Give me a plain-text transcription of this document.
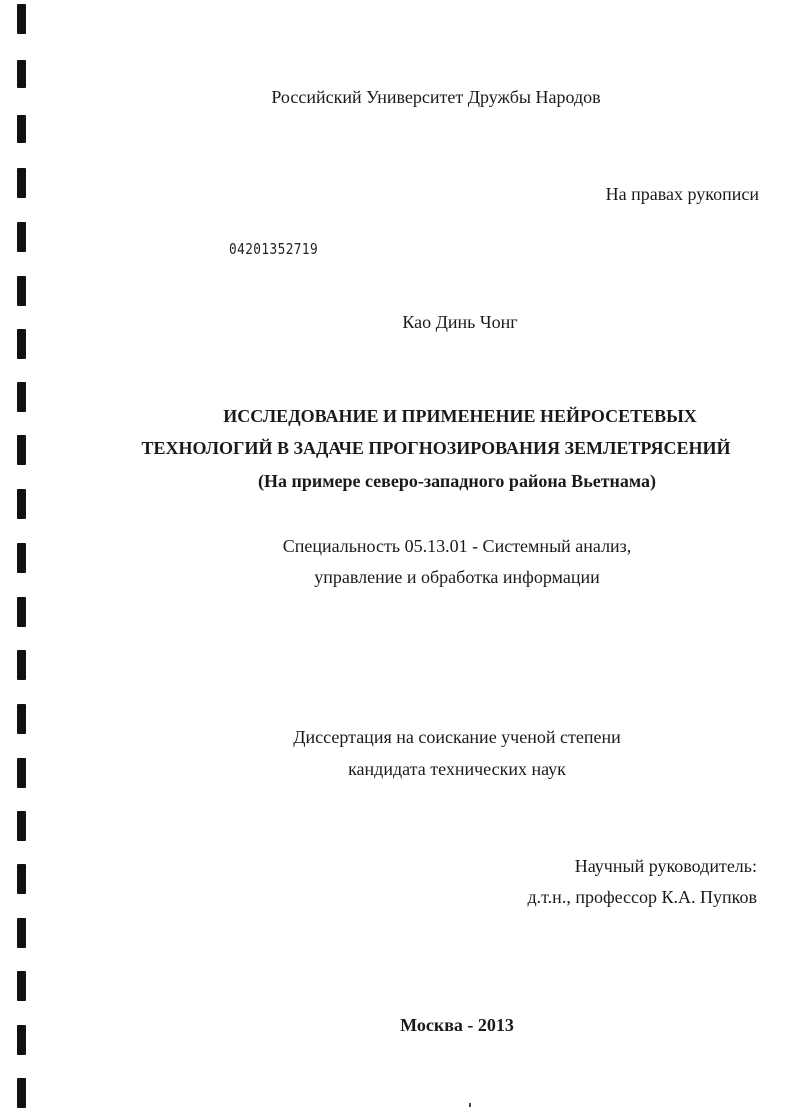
Российский Университет Дружбы Народов
На правах рукописи
04201352719
Као Динь Чонг
ИССЛЕДОВАНИЕ И ПРИМЕНЕНИЕ НЕЙРОСЕТЕВЫХ
ТЕХНОЛОГИЙ В ЗАДАЧЕ ПРОГНОЗИРОВАНИЯ ЗЕМЛЕТРЯСЕНИЙ
(На примере северо-западного района Вьетнама)
Специальность 05.13.01 - Системный анализ,
управление и обработка информации
Диссертация на соискание ученой степени
кандидата технических наук
Научный руководитель:
д.т.н., профессор К.А. Пупков
Москва - 2013
